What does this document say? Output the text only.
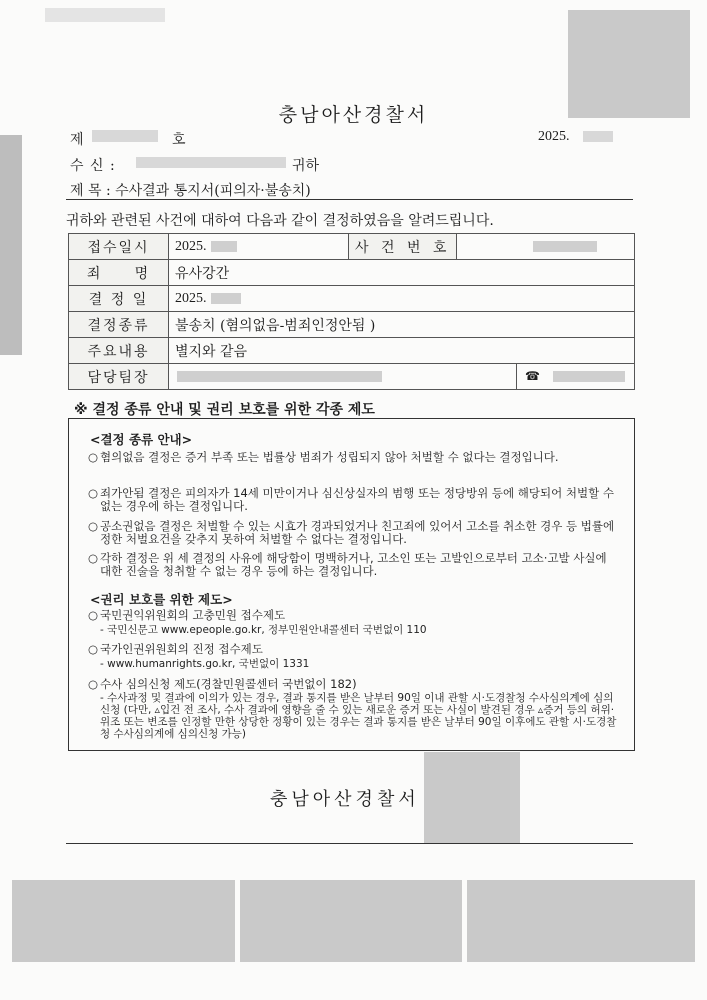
충남아산경찰서
제	호	2025.
수 신 :	귀하
제 목 : 수사결과 통지서(피의자·불송치)
귀하와 관련된 사건에 대하여 다음과 같이 결정하였음을 알려드립니다.
접수일시	2025.	사 건 번 호	
죄     명	유사강간		
결 정 일	2025.		
결정종류	불송치 (혐의없음-범죄인정안됨 )		
주요내용	별지와 같음		
담당팀장	☎		
※ 결정 종류 안내 및 권리 보호를 위한 각종 제도
<결정 종류 안내>
○ 혐의없음 결정은 증거 부족 또는 법률상 범죄가 성립되지 않아 처벌할 수 없다는 결정입니다.
○ 죄가안됨 결정은 피의자가 14세 미만이거나 심신상실자의 범행 또는 정당방위 등에 해당되어 처벌할 수 없는 경우에 하는 결정입니다.
○ 공소권없음 결정은 처벌할 수 있는 시효가 경과되었거나 친고죄에 있어서 고소를 취소한 경우 등 법률에 정한 처벌요건을 갖추지 못하여 처벌할 수 없다는 결정입니다.
○ 각하 결정은 위 세 결정의 사유에 해당함이 명백하거나, 고소인 또는 고발인으로부터 고소·고발 사실에 대한 진술을 청취할 수 없는 경우 등에 하는 결정입니다.
<권리 보호를 위한 제도>
○ 국민권익위원회의 고충민원 접수제도
- 국민신문고 www.epeople.go.kr, 정부민원안내콜센터 국번없이 110
○ 국가인권위원회의 진정 접수제도
- www.humanrights.go.kr, 국번없이 1331
○ 수사 심의신청 제도(경찰민원콜센터 국번없이 182)
- 수사과정 및 결과에 이의가 있는 경우, 결과 통지를 받은 날부터 90일 이내 관할 시·도경찰청 수사심의계에 심의신청 (다만, ▵입건 전 조사, 수사 결과에 영향을 줄 수 있는 새로운 증거 또는 사실이 발견된 경우 ▵증거 등의 허위·위조 또는 변조를 인정할 만한 상당한 정황이 있는 경우는 결과 통지를 받은 날부터 90일 이후에도 관할 시·도경찰청 수사심의계에 심의신청 가능)
충남아산경찰서
